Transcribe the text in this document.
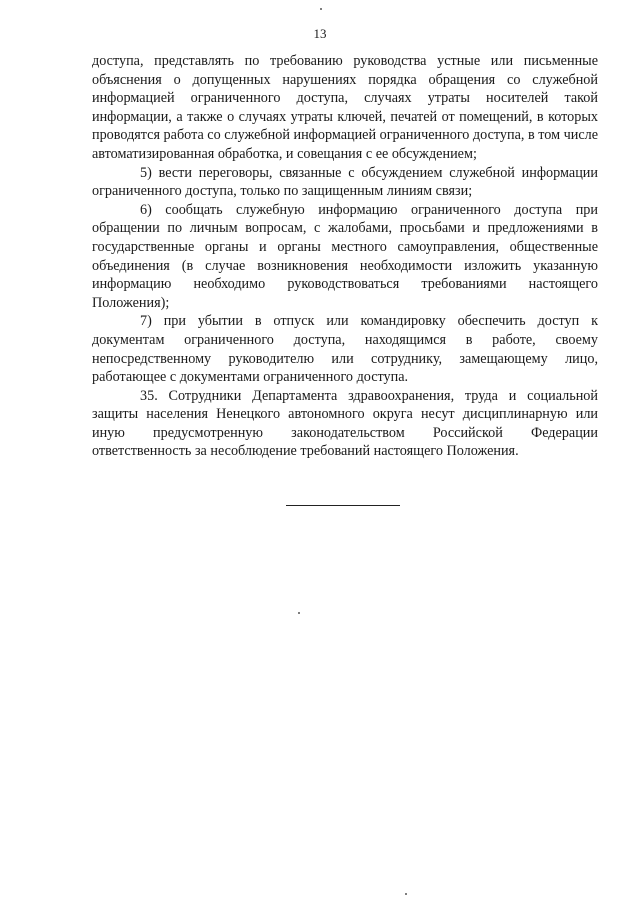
13

доступа, представлять по требованию руководства устные или письменные объяснения о допущенных нарушениях порядка обращения со служебной информацией ограниченного доступа, случаях утраты носителей такой информации, а также о случаях утраты ключей, печатей от помещений, в которых проводятся работа со служебной информацией ограниченного доступа, в том числе автоматизированная обработка, и совещания с ее обсуждением;

5) вести переговоры, связанные с обсуждением служебной информации ограниченного доступа, только по защищенным линиям связи;

6) сообщать служебную информацию ограниченного доступа при обращении по личным вопросам, с жалобами, просьбами и предложениями в государственные органы и органы местного самоуправления, общественные объединения (в случае возникновения необходимости изложить указанную информацию необходимо руководствоваться требованиями настоящего Положения);

7) при убытии в отпуск или командировку обеспечить доступ к документам ограниченного доступа, находящимся в работе, своему непосредственному руководителю или сотруднику, замещающему лицо, работающее с документами ограниченного доступа.

35. Сотрудники Департамента здравоохранения, труда и социальной защиты населения Ненецкого автономного округа несут дисциплинарную или иную предусмотренную законодательством Российской Федерации ответственность за несоблюдение требований настоящего Положения.
